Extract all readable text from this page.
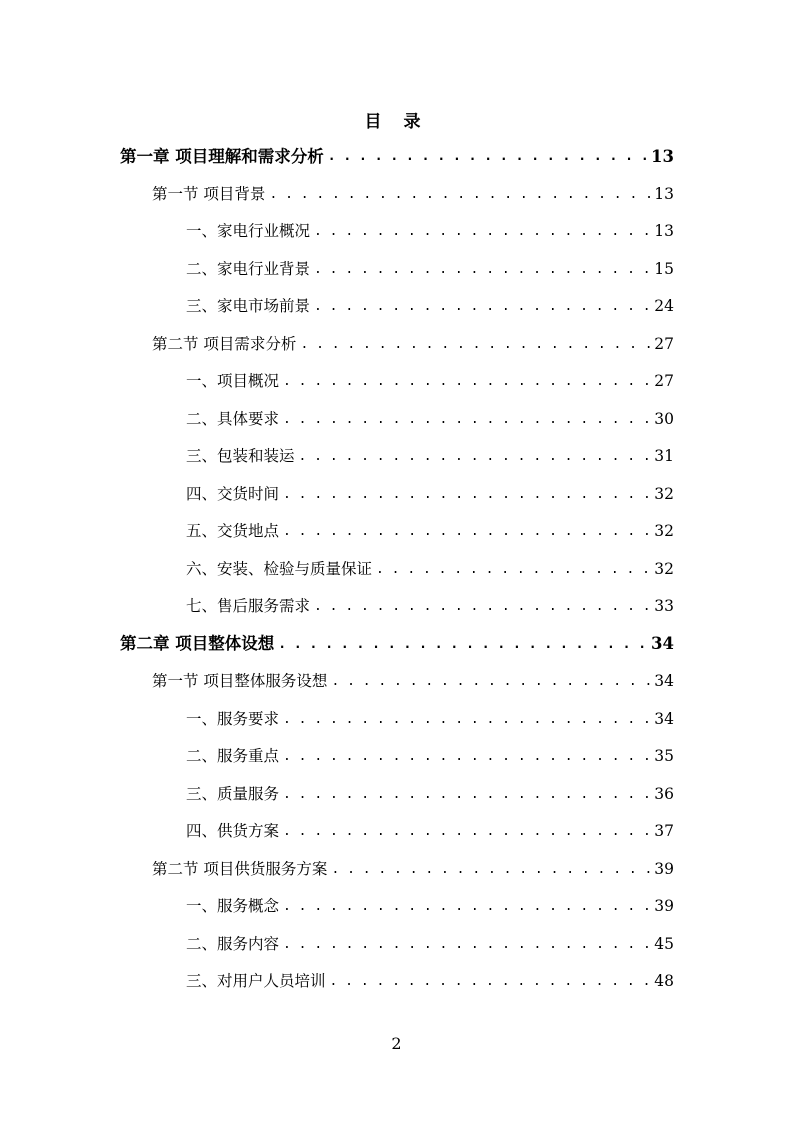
目 录
第一章 项目理解和需求分析 . . .	13
第一节 项目背景 . . .	13
一、家电行业概况 . . .	13
二、家电行业背景 . . .	15
三、家电市场前景 . . .	24
第二节 项目需求分析 . . .	27
一、项目概况 . . .	27
二、具体要求 . . .	30
三、包装和装运 . . .	31
四、交货时间 . . .	32
五、交货地点 . . .	32
六、安装、检验与质量保证 . . .	32
七、售后服务需求 . . .	33
第二章 项目整体设想 . . .	34
第一节 项目整体服务设想 . . .	34
一、服务要求 . . .	34
二、服务重点 . . .	35
三、质量服务 . . .	36
四、供货方案 . . .	37
第二节 项目供货服务方案 . . .	39
一、服务概念 . . .	39
二、服务内容 . . .	45
三、对用户人员培训 . . .	48

2
